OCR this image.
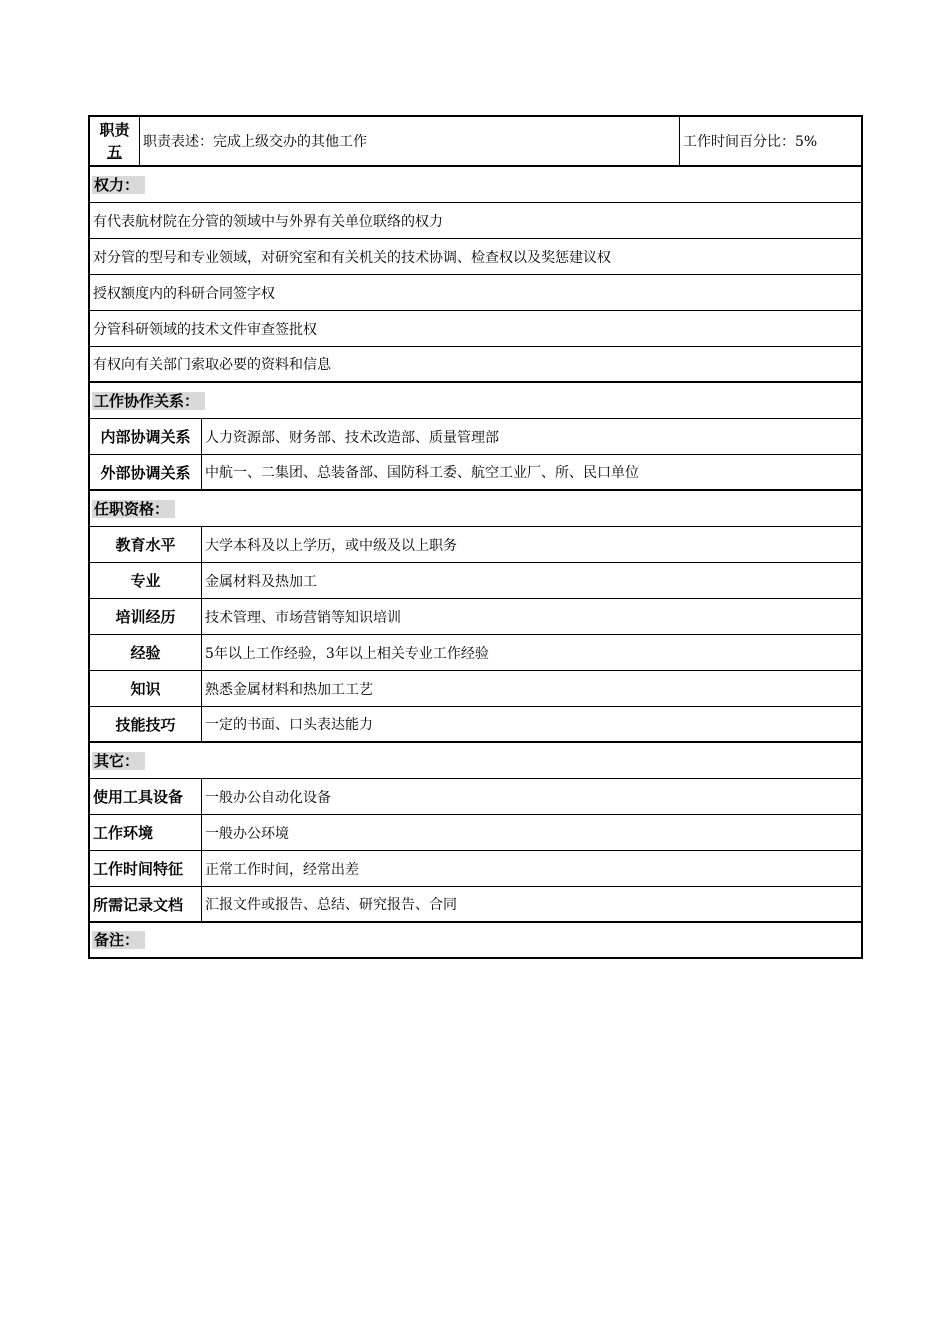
职责
五
职责表述：完成上级交办的其他工作	工作时间百分比：5%
权力：
有代表航材院在分管的领域中与外界有关单位联络的权力
对分管的型号和专业领域，对研究室和有关机关的技术协调、检查权以及奖惩建议权
授权额度内的科研合同签字权
分管科研领域的技术文件审查签批权
有权向有关部门索取必要的资料和信息
工作协作关系：
内部协调关系	人力资源部、财务部、技术改造部、质量管理部
外部协调关系	中航一、二集团、总装备部、国防科工委、航空工业厂、所、民口单位
任职资格：
教育水平	大学本科及以上学历，或中级及以上职务
专业	金属材料及热加工
培训经历	技术管理、市场营销等知识培训
经验	5年以上工作经验，3年以上相关专业工作经验
知识	熟悉金属材料和热加工工艺
技能技巧	一定的书面、口头表达能力
其它：
使用工具设备	一般办公自动化设备
工作环境	一般办公环境
工作时间特征	正常工作时间，经常出差
所需记录文档	汇报文件或报告、总结、研究报告、合同
备注：
